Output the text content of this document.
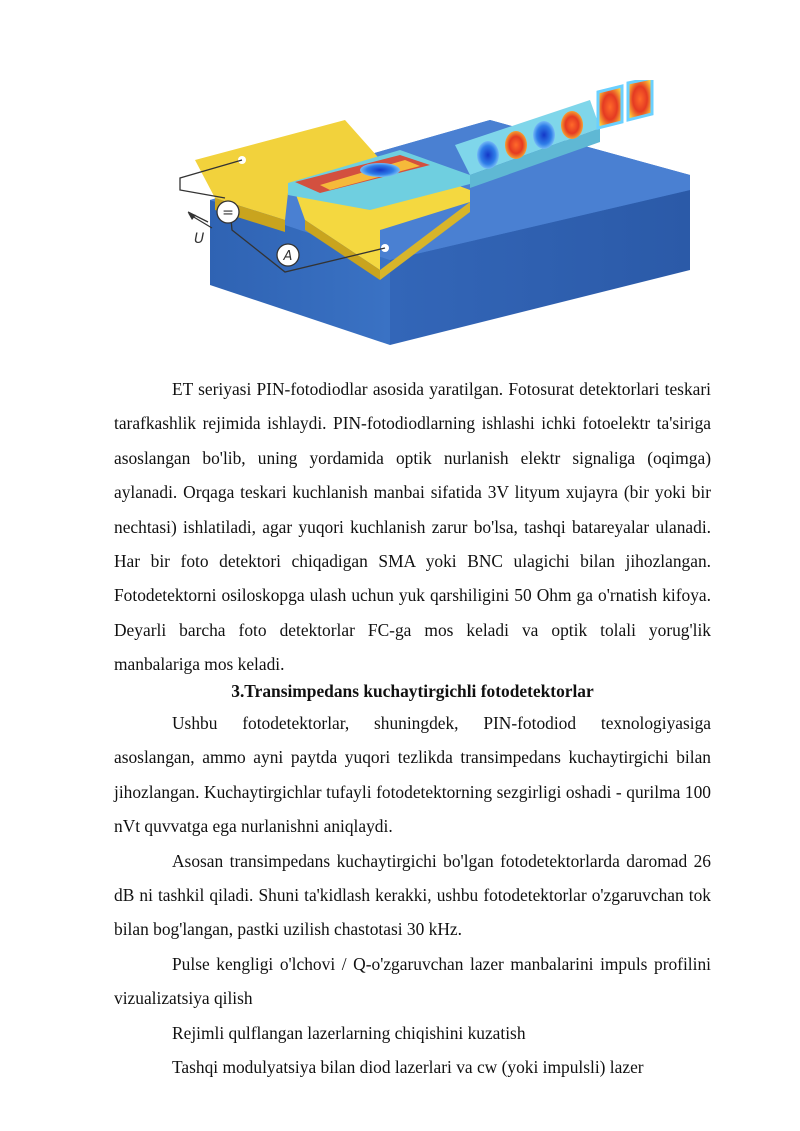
=
A
U

ET seriyasi PIN-fotodiodlar asosida yaratilgan. Fotosurat detektorlari teskari tarafkashlik rejimida ishlaydi. PIN-fotodiodlarning ishlashi ichki fotoelektr ta'siriga asoslangan bo'lib, uning yordamida optik nurlanish elektr signaliga (oqimga) aylanadi. Orqaga teskari kuchlanish manbai sifatida 3V lityum xujayra (bir yoki bir nechtasi) ishlatiladi, agar yuqori kuchlanish zarur bo'lsa, tashqi batareyalar ulanadi. Har bir foto detektori chiqadigan SMA yoki BNC ulagichi bilan jihozlangan. Fotodetektorni osiloskopga ulash uchun yuk qarshiligini 50 Ohm ga o'rnatish kifoya. Deyarli barcha foto detektorlar FC-ga mos keladi va optik tolali yorug'lik manbalariga mos keladi.

3.Transimpedans kuchaytirgichli fotodetektorlar

Ushbu fotodetektorlar, shuningdek, PIN-fotodiod texnologiyasiga asoslangan, ammo ayni paytda yuqori tezlikda transimpedans kuchaytirgichi bilan jihozlangan. Kuchaytirgichlar tufayli fotodetektorning sezgirligi oshadi - qurilma 100 nVt quvvatga ega nurlanishni aniqlaydi.

Asosan transimpedans kuchaytirgichi bo'lgan fotodetektorlarda daromad 26 dB ni tashkil qiladi. Shuni ta'kidlash kerakki, ushbu fotodetektorlar o'zgaruvchan tok bilan bog'langan, pastki uzilish chastotasi 30 kHz.

Pulse kengligi o'lchovi / Q-o'zgaruvchan lazer manbalarini impuls profilini vizualizatsiya qilish

Rejimli qulflangan lazerlarning chiqishini kuzatish

Tashqi modulyatsiya bilan diod lazerlari va cw (yoki impulsli) lazer
